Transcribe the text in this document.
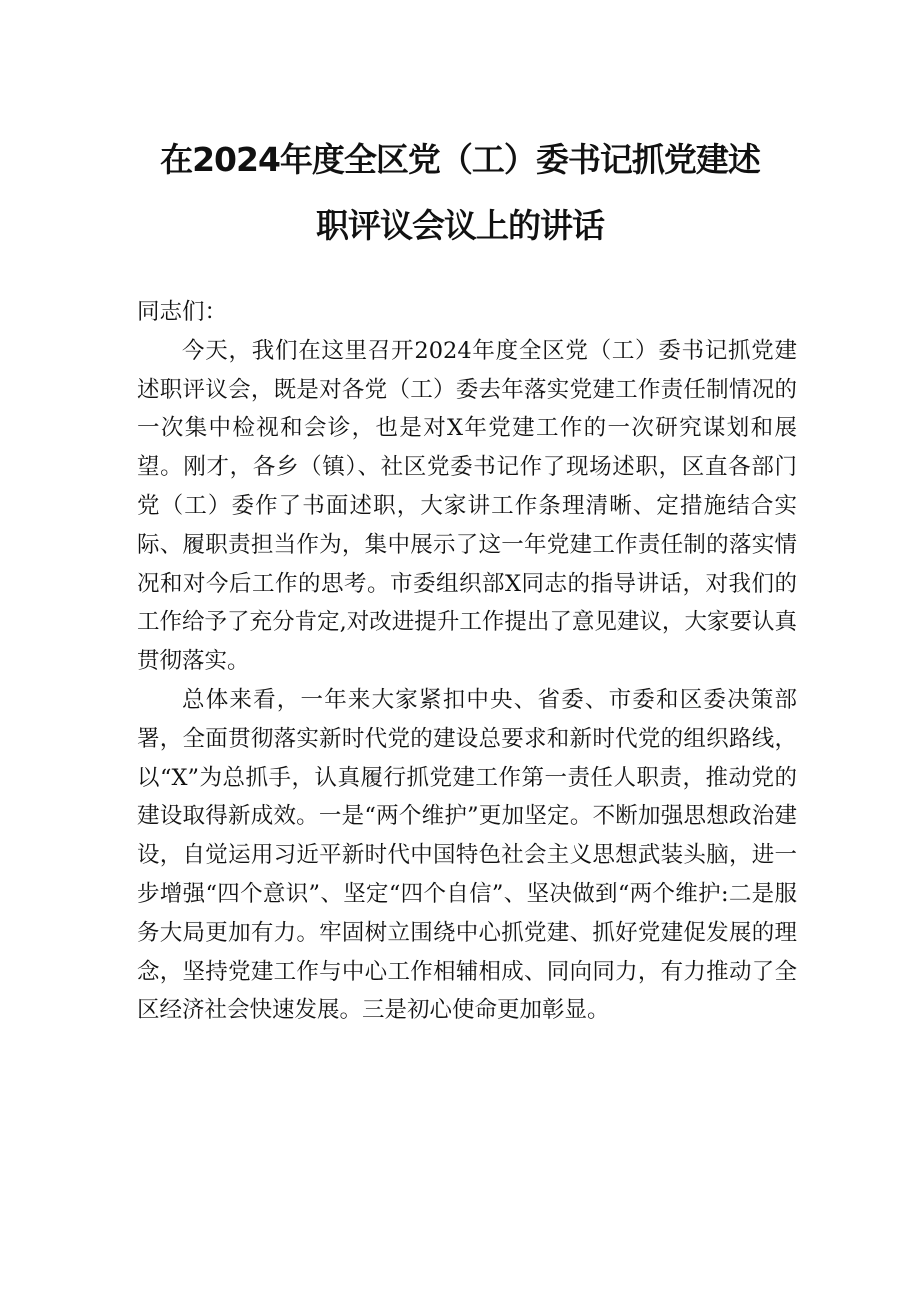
在2024年度全区党（工）委书记抓党建述
职评议会议上的讲话

同志们：

今天，我们在这里召开2024年度全区党（工）委书记抓党建述职评议会，既是对各党（工）委去年落实党建工作责任制情况的一次集中检视和会诊，也是对X年党建工作的一次研究谋划和展望。刚才，各乡（镇）、社区党委书记作了现场述职，区直各部门党（工）委作了书面述职，大家讲工作条理清晰、定措施结合实际、履职责担当作为，集中展示了这一年党建工作责任制的落实情况和对今后工作的思考。市委组织部X同志的指导讲话，对我们的工作给予了充分肯定,对改进提升工作提出了意见建议，大家要认真贯彻落实。

总体来看，一年来大家紧扣中央、省委、市委和区委决策部署，全面贯彻落实新时代党的建设总要求和新时代党的组织路线，以“X”为总抓手，认真履行抓党建工作第一责任人职责，推动党的建设取得新成效。一是“两个维护”更加坚定。不断加强思想政治建设，自觉运用习近平新时代中国特色社会主义思想武装头脑，进一步增强“四个意识”、坚定“四个自信”、坚决做到“两个维护:二是服务大局更加有力。牢固树立围绕中心抓党建、抓好党建促发展的理念，坚持党建工作与中心工作相辅相成、同向同力，有力推动了全区经济社会快速发展。三是初心使命更加彰显。
